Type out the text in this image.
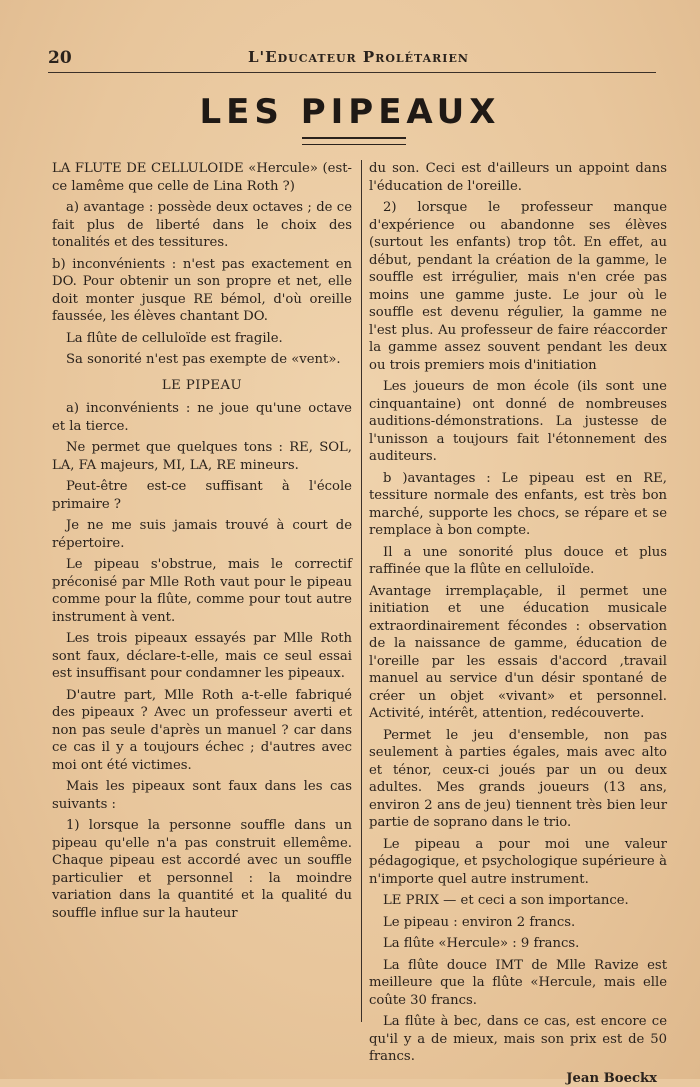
20	L'Educateur Prolétarien
LES PIPEAUX

LA FLUTE DE CELLULOIDE «Hercule» (est-ce lamême que celle de Lina Roth ?)

a) avantage : possède deux octaves ; de ce fait plus de liberté dans le choix des tonalités et des tessitures.

b) inconvénients : n'est pas exactement en DO. Pour obtenir un son propre et net, elle doit monter jusque RE bémol, d'où oreille faussée, les élèves chantant DO.

La flûte de celluloïde est fragile.

Sa sonorité n'est pas exempte de «vent».

LE PIPEAU

a) inconvénients : ne joue qu'une octave et la tierce.

Ne permet que quelques tons : RE, SOL, LA, FA majeurs, MI, LA, RE mineurs.

Peut-être est-ce suffisant à l'école primaire ?

Je ne me suis jamais trouvé à court de répertoire.

Le pipeau s'obstrue, mais le correctif préconisé par Mlle Roth vaut pour le pipeau comme pour la flûte, comme pour tout autre instrument à vent.

Les trois pipeaux essayés par Mlle Roth sont faux, déclare-t-elle, mais ce seul essai est insuffisant pour condamner les pipeaux.

D'autre part, Mlle Roth a-t-elle fabriqué des pipeaux ? Avec un professeur averti et non pas seule d'après un manuel ? car dans ce cas il y a toujours échec ; d'autres avec moi ont été victimes.

Mais les pipeaux sont faux dans les cas suivants :

1) lorsque la personne souffle dans un pipeau qu'elle n'a pas construit ellemême. Chaque pipeau est accordé avec un souffle particulier et personnel : la moindre variation dans la quantité et la qualité du souffle influe sur la hauteur

du son. Ceci est d'ailleurs un appoint dans l'éducation de l'oreille.

2) lorsque le professeur manque d'expérience ou abandonne ses élèves (surtout les enfants) trop tôt. En effet, au début, pendant la création de la gamme, le souffle est irrégulier, mais n'en crée pas moins une gamme juste. Le jour où le souffle est devenu régulier, la gamme ne l'est plus. Au professeur de faire réaccorder la gamme assez souvent pendant les deux ou trois premiers mois d'initiation

Les joueurs de mon école (ils sont une cinquantaine) ont donné de nombreuses auditions-démonstrations. La justesse de l'unisson a toujours fait l'étonnement des auditeurs.

b )avantages : Le pipeau est en RE, tessiture normale des enfants, est très bon marché, supporte les chocs, se répare et se remplace à bon compte.

Il a une sonorité plus douce et plus raffinée que la flûte en celluloïde.

Avantage irremplaçable, il permet une initiation et une éducation musicale extraordinairement fécondes : observation de la naissance de gamme, éducation de l'oreille par les essais d'accord ,travail manuel au service d'un désir spontané de créer un objet «vivant» et personnel. Activité, intérêt, attention, redécouverte.

Permet le jeu d'ensemble, non pas seulement à parties égales, mais avec alto et ténor, ceux-ci joués par un ou deux adultes. Mes grands joueurs (13 ans, environ 2 ans de jeu) tiennent très bien leur partie de soprano dans le trio.

Le pipeau a pour moi une valeur pédagogique, et psychologique supérieure à n'importe quel autre instrument.

LE PRIX — et ceci a son importance.

Le pipeau : environ 2 francs.

La flûte «Hercule» : 9 francs.

La flûte douce IMT de Mlle Ravize est meilleure que la flûte «Hercule, mais elle coûte 30 francs.

La flûte à bec, dans ce cas, est encore ce qu'il y a de mieux, mais son prix est de 50 francs.

Jean Boeckx
